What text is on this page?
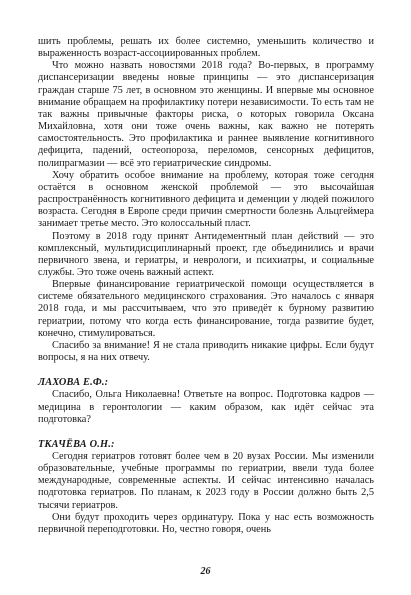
шить проблемы, решать их более системно, уменьшить количество и выраженность возраст-ассоциированных проблем.

Что можно назвать новостями 2018 года? Во-первых, в программу диспансеризации введены новые принципы — это диспансеризация граждан старше 75 лет, в основном это женщины. И впервые мы основное внимание обращаем на профилактику потери независимости. То есть там не так важны привычные факторы риска, о которых говорила Оксана Михайловна, хотя они тоже очень важны, как важно не потерять самостоятельность. Это профилактика и раннее выявление когнитивного дефицита, падений, остеопороза, переломов, сенсорных дефицитов, полипрагмазии — всё это гериатрические синдромы.

Хочу обратить особое внимание на проблему, которая тоже сегодня остаётся в основном женской проблемой — это высочайшая распространённость когнитивного дефицита и деменции у людей пожилого возраста. Сегодня в Европе среди причин смертности болезнь Альцгеймера занимает третье место. Это колоссальный пласт.

Поэтому в 2018 году принят Антидементный план действий — это комплексный, мультидисциплинарный проект, где объединились и врачи первичного звена, и гериатры, и неврологи, и психиатры, и социальные службы. Это тоже очень важный аспект.

Впервые финансирование гериатрической помощи осуществляется в системе обязательного медицинского страхования. Это началось с января 2018 года, и мы рассчитываем, что это приведёт к бурному развитию гериатрии, потому что когда есть финансирование, тогда развитие будет, конечно, стимулироваться.

Спасибо за внимание! Я не стала приводить никакие цифры. Если будут вопросы, я на них отвечу.

ЛАХОВА Е.Ф.:

Спасибо, Ольга Николаевна! Ответьте на вопрос. Подготовка кадров — медицина в геронтологии — каким образом, как идёт сейчас эта подготовка?

ТКАЧЁВА О.Н.:

Сегодня гериатров готовят более чем в 20 вузах России. Мы изменили образовательные, учебные программы по гериатрии, ввели туда более международные, современные аспекты. И сейчас интенсивно началась подготовка гериатров. По планам, к 2023 году в России должно быть 2,5 тысячи гериатров.

Они будут проходить через ординатуру. Пока у нас есть возможность первичной переподготовки. Но, честно говоря, очень

26
